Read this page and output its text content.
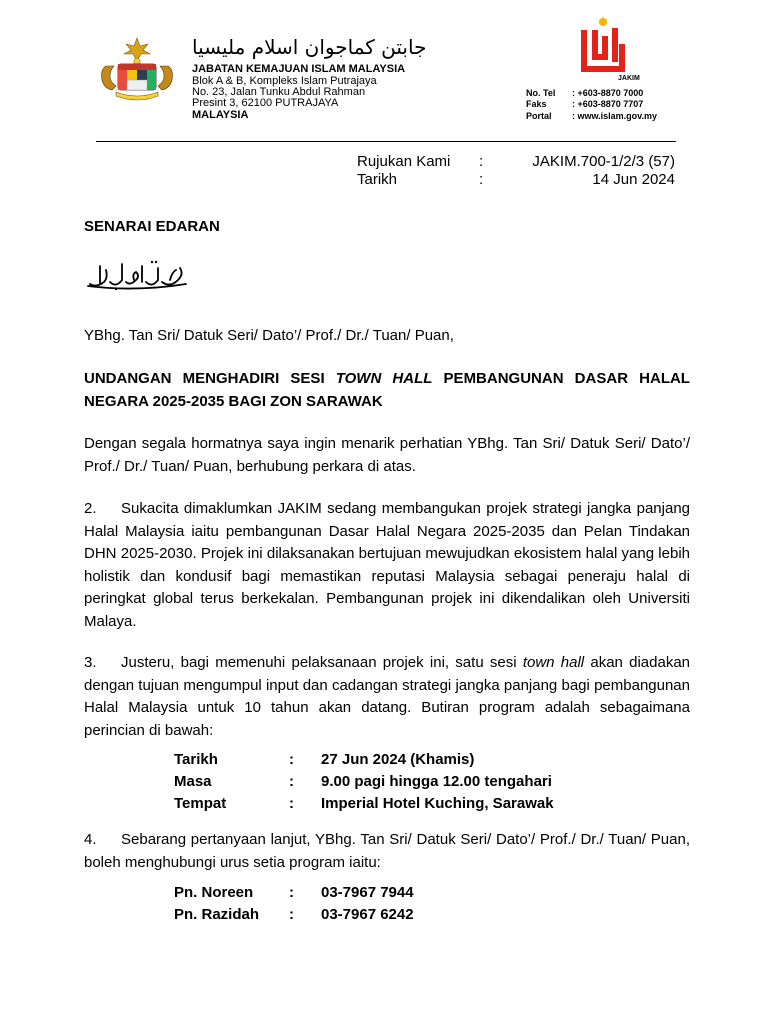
جابتن كماجوان اسلام مليسيا
JABATAN KEMAJUAN ISLAM MALAYSIA
Blok A & B, Kompleks Islam Putrajaya
No. 23, Jalan Tunku Abdul Rahman
Presint 3, 62100 PUTRAJAYA
MALAYSIA
JAKIM
No. Tel : +603-8870 7000
Faks	: +603-8870 7707
Portal : www.islam.gov.my
Rujukan Kami :	JAKIM.700-1/2/3 (57)
Tarikh	:	14 Jun 2024
SENARAI EDARAN
YBhg. Tan Sri/ Datuk Seri/ Dato’/ Prof./ Dr./ Tuan/ Puan,
UNDANGAN MENGHADIRI SESI TOWN HALL PEMBANGUNAN DASAR HALAL NEGARA 2025-2035 BAGI ZON SARAWAK
Dengan segala hormatnya saya ingin menarik perhatian YBhg. Tan Sri/ Datuk Seri/ Dato’/ Prof./ Dr./ Tuan/ Puan, berhubung perkara di atas.
2. Sukacita dimaklumkan JAKIM sedang membangukan projek strategi jangka panjang Halal Malaysia iaitu pembangunan Dasar Halal Negara 2025-2035 dan Pelan Tindakan DHN 2025-2030. Projek ini dilaksanakan bertujuan mewujudkan ekosistem halal yang lebih holistik dan kondusif bagi memastikan reputasi Malaysia sebagai peneraju halal di peringkat global terus berkekalan. Pembangunan projek ini dikendalikan oleh Universiti Malaya.
3. Justeru, bagi memenuhi pelaksanaan projek ini, satu sesi town hall akan diadakan dengan tujuan mengumpul input dan cadangan strategi jangka panjang bagi pembangunan Halal Malaysia untuk 10 tahun akan datang. Butiran program adalah sebagaimana perincian di bawah:
Tarikh	: 27 Jun 2024 (Khamis)
Masa	: 9.00 pagi hingga 12.00 tengahari
Tempat	: Imperial Hotel Kuching, Sarawak
4. Sebarang pertanyaan lanjut, YBhg. Tan Sri/ Datuk Seri/ Dato’/ Prof./ Dr./ Tuan/ Puan, boleh menghubungi urus setia program iaitu:
Pn. Noreen : 03-7967 7944
Pn. Razidah : 03-7967 6242
